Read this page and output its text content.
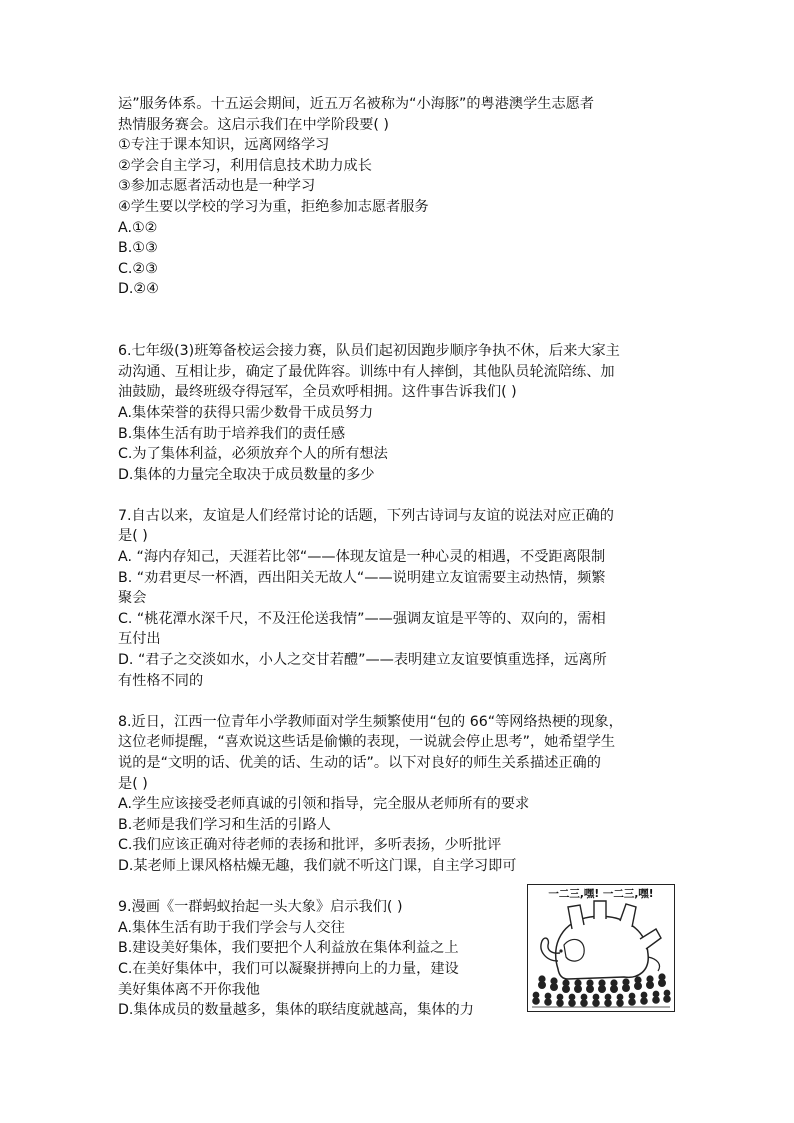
运”服务体系。十五运会期间，近五万名被称为“小海豚”的粤港澳学生志愿者
热情服务赛会。这启示我们在中学阶段要( )
①专注于课本知识，远离网络学习
②学会自主学习，利用信息技术助力成长
③参加志愿者活动也是一种学习
④学生要以学校的学习为重，拒绝参加志愿者服务
A.①②
B.①③
C.②③
D.②④
6.七年级(3)班筹备校运会接力赛，队员们起初因跑步顺序争执不休，后来大家主
动沟通、互相让步，确定了最优阵容。训练中有人摔倒，其他队员轮流陪练、加
油鼓励，最终班级夺得冠军，全员欢呼相拥。这件事告诉我们( )
A.集体荣誉的获得只需少数骨干成员努力
B.集体生活有助于培养我们的责任感
C.为了集体利益，必须放弃个人的所有想法
D.集体的力量完全取决于成员数量的多少
7.自古以来，友谊是人们经常讨论的话题，下列古诗词与友谊的说法对应正确的
是( )
A. “海内存知己，天涯若比邻“——体现友谊是一种心灵的相遇，不受距离限制
B. “劝君更尽一杯酒，西出阳关无故人“——说明建立友谊需要主动热情，频繁
聚会
C. “桃花潭水深千尺，不及汪伦送我情”——强调友谊是平等的、双向的，需相
互付出
D. “君子之交淡如水，小人之交甘若醴”——表明建立友谊要慎重选择，远离所
有性格不同的
8.近日，江西一位青年小学教师面对学生频繁使用“包的 66“等网络热梗的现象，
这位老师提醒，“喜欢说这些话是偷懒的表现，一说就会停止思考”，她希望学生
说的是“文明的话、优美的话、生动的话”。以下对良好的师生关系描述正确的
是( )
A.学生应该接受老师真诚的引领和指导，完全服从老师所有的要求
B.老师是我们学习和生活的引路人
C.我们应该正确对待老师的表扬和批评，多听表扬，少听批评
D.某老师上课风格枯燥无趣，我们就不听这门课，自主学习即可
9.漫画《一群蚂蚁抬起一头大象》启示我们( )
A.集体生活有助于我们学会与人交往
B.建设美好集体，我们要把个人利益放在集体利益之上
C.在美好集体中，我们可以凝聚拼搏向上的力量，建设
美好集体离不开你我他
D.集体成员的数量越多，集体的联结度就越高，集体的力
一二三,嘿! 一二三,嘿!
